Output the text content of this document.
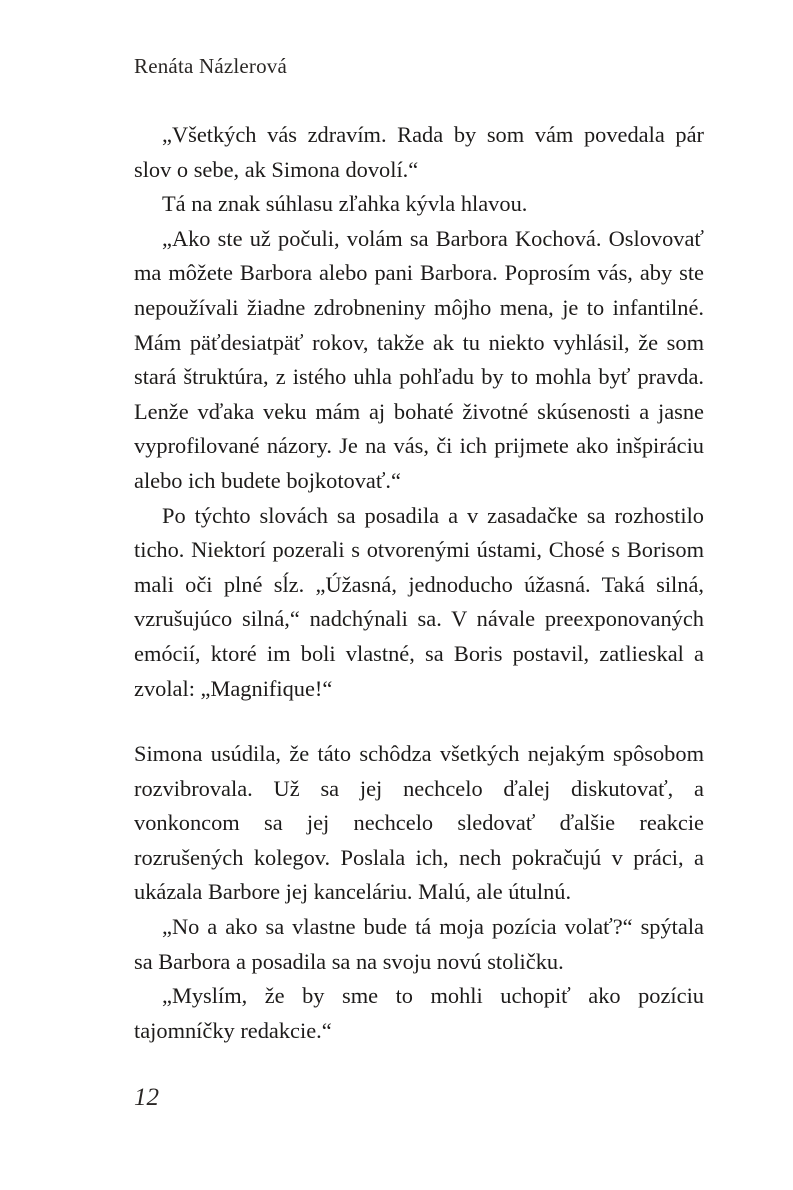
Renáta Názlerová

„Všetkých vás zdravím. Rada by som vám povedala pár slov o sebe, ak Simona dovolí.“

Tá na znak súhlasu zľahka kývla hlavou.

„Ako ste už počuli, volám sa Barbora Kochová. Oslovovať ma môžete Barbora alebo pani Barbora. Poprosím vás, aby ste nepoužívali žiadne zdrobneniny môjho mena, je to infantilné. Mám päťdesiatpäť rokov, takže ak tu niekto vyhlásil, že som stará štruktúra, z istého uhla pohľadu by to mohla byť pravda. Lenže vďaka veku mám aj bohaté životné skúsenosti a jasne vyprofilované názory. Je na vás, či ich prijmete ako inšpiráciu alebo ich budete bojkotovať.“

Po týchto slovách sa posadila a v zasadačke sa rozhostilo ticho. Niektorí pozerali s otvorenými ústami, Chosé s Borisom mali oči plné sĺz. „Úžasná, jednoducho úžasná. Taká silná, vzrušujúco silná,“ nadchýnali sa. V návale preexponovaných emócií, ktoré im boli vlastné, sa Boris postavil, zatlieskal a zvolal: „Magnifique!“

Simona usúdila, že táto schôdza všetkých nejakým spôsobom rozvibrovala. Už sa jej nechcelo ďalej diskutovať, a vonkoncom sa jej nechcelo sledovať ďalšie reakcie rozrušených kolegov. Poslala ich, nech pokračujú v práci, a ukázala Barbore jej kanceláriu. Malú, ale útulnú.

„No a ako sa vlastne bude tá moja pozícia volať?“ spýtala sa Barbora a posadila sa na svoju novú stoličku.

„Myslím, že by sme to mohli uchopiť ako pozíciu tajomníčky redakcie.“

12
